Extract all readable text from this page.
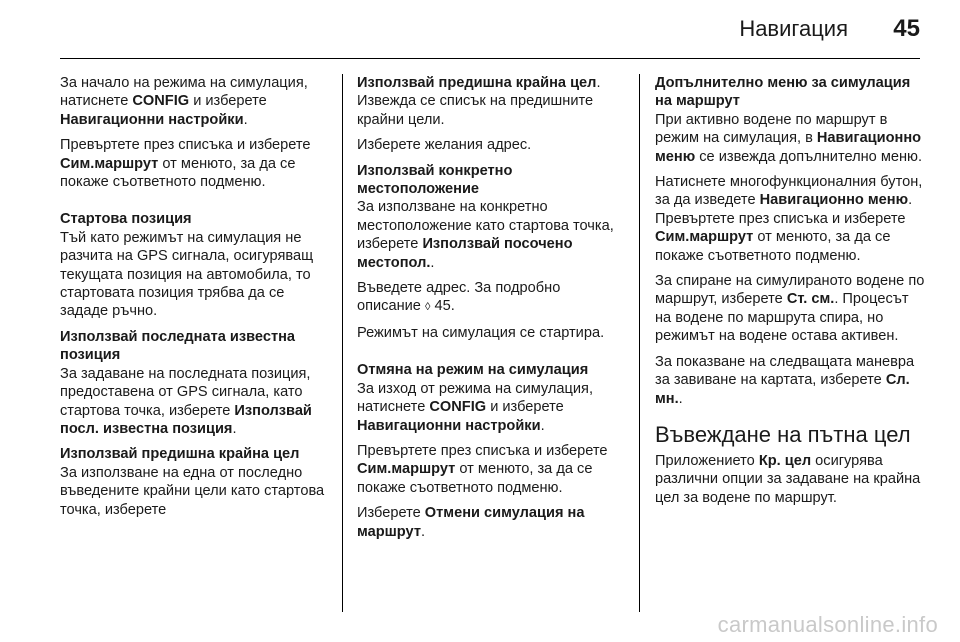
Навигация 45

За начало на режима на симулация, натиснете CONFIG и изберете Навигационни настройки.

Превъртете през списъка и изберете Сим.маршрут от менюто, за да се покаже съответното подменю.

Стартова позиция

Тъй като режимът на симулация не разчита на GPS сигнала, осигуряващ текущата позиция на автомобила, то стартовата позиция трябва да се зададе ръчно.

Използвай последната известна позиция

За задаване на последната позиция, предоставена от GPS сигнала, като стартова точка, изберете Използвай посл. известна позиция.

Използвай предишна крайна цел

За използване на една от последно въведените крайни цели като стартова точка, изберете

Използвай предишна крайна цел. Извежда се списък на предишните крайни цели.

Изберете желания адрес.

Използвай конкретно местоположение

За използване на конкретно местоположение като стартова точка, изберете Използвай посочено местопол..

Въведете адрес. За подробно описание ◊ 45.

Режимът на симулация се стартира.

Отмяна на режим на симулация

За изход от режима на симулация, натиснете CONFIG и изберете Навигационни настройки.

Превъртете през списъка и изберете Сим.маршрут от менюто, за да се покаже съответното подменю.

Изберете Отмени симулация на маршрут.

Допълнително меню за симулация на маршрут

При активно водене по маршрут в режим на симулация, в Навигационно меню се извежда допълнително меню.

Натиснете многофункционалния бутон, за да изведете Навигационно меню. Превъртете през списъка и изберете Сим.маршрут от менюто, за да се покаже съответното подменю.

За спиране на симулираното водене по маршрут, изберете Ст. см.. Процесът на водене по маршрута спира, но режимът на водене остава активен.

За показване на следващата маневра за завиване на картата, изберете Сл. мн..

Въвеждане на пътна цел

Приложението Кр. цел осигурява различни опции за задаване на крайна цел за водене по маршрут.

carmanualsonline.info
